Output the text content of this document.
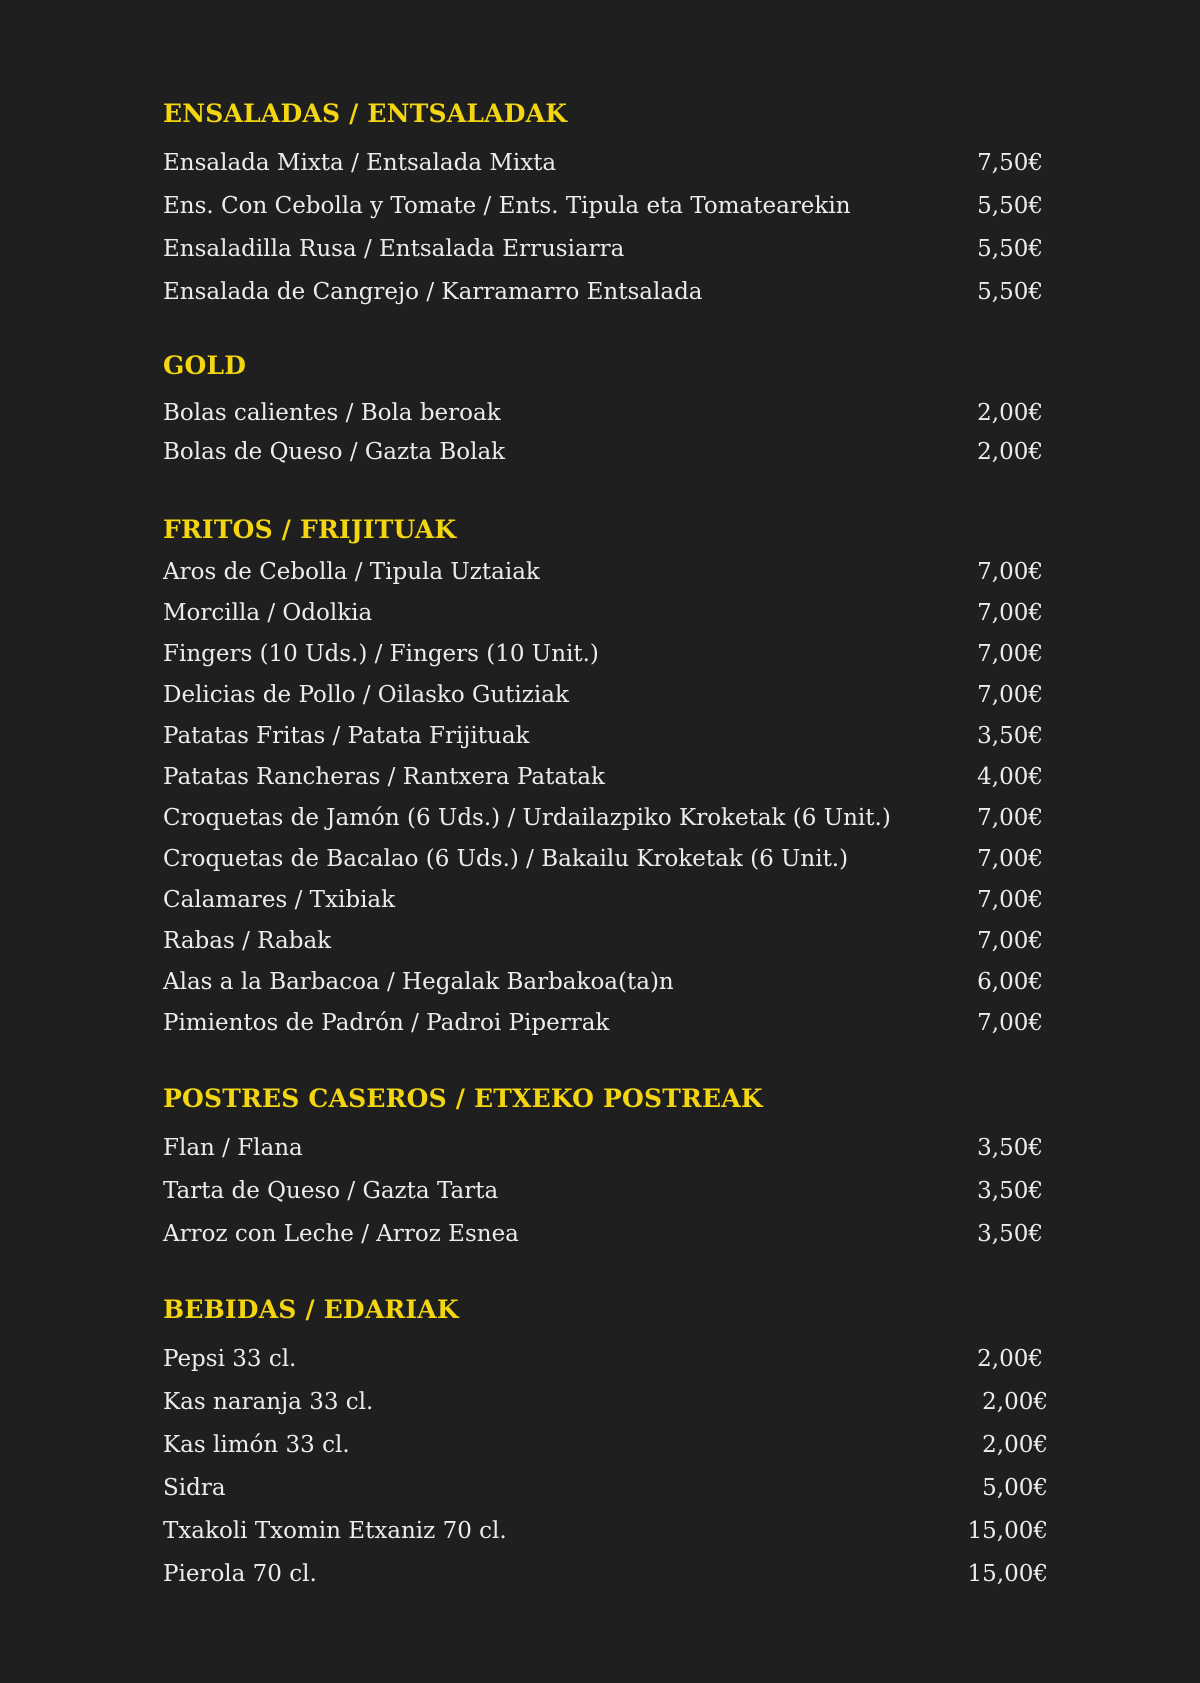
ENSALADAS / ENTSALADAK
Ensalada Mixta / Entsalada Mixta	7,50€
Ens. Con Cebolla y Tomate / Ents. Tipula eta Tomatearekin	5,50€
Ensaladilla Rusa / Entsalada Errusiarra	5,50€
Ensalada de Cangrejo / Karramarro Entsalada	5,50€
GOLD
Bolas calientes / Bola beroak	2,00€
Bolas de Queso / Gazta Bolak	2,00€
FRITOS / FRIJITUAK
Aros de Cebolla / Tipula Uztaiak	7,00€
Morcilla / Odolkia	7,00€
Fingers (10 Uds.) / Fingers (10 Unit.)	7,00€
Delicias de Pollo / Oilasko Gutiziak	7,00€
Patatas Fritas / Patata Frijituak	3,50€
Patatas Rancheras / Rantxera Patatak	4,00€
Croquetas de Jamón (6 Uds.) / Urdailazpiko Kroketak (6 Unit.)	7,00€
Croquetas de Bacalao (6 Uds.) / Bakailu Kroketak (6 Unit.)	7,00€
Calamares / Txibiak	7,00€
Rabas / Rabak	7,00€
Alas a la Barbacoa / Hegalak Barbakoa(ta)n	6,00€
Pimientos de Padrón / Padroi Piperrak	7,00€
POSTRES CASEROS / ETXEKO POSTREAK
Flan / Flana	3,50€
Tarta de Queso / Gazta Tarta	3,50€
Arroz con Leche / Arroz Esnea	3,50€
BEBIDAS / EDARIAK
Pepsi 33 cl.	2,00€
Kas naranja 33 cl.	2,00€
Kas limón 33 cl.	2,00€
Sidra	5,00€
Txakoli Txomin Etxaniz 70 cl.	15,00€
Pierola 70 cl.	15,00€
